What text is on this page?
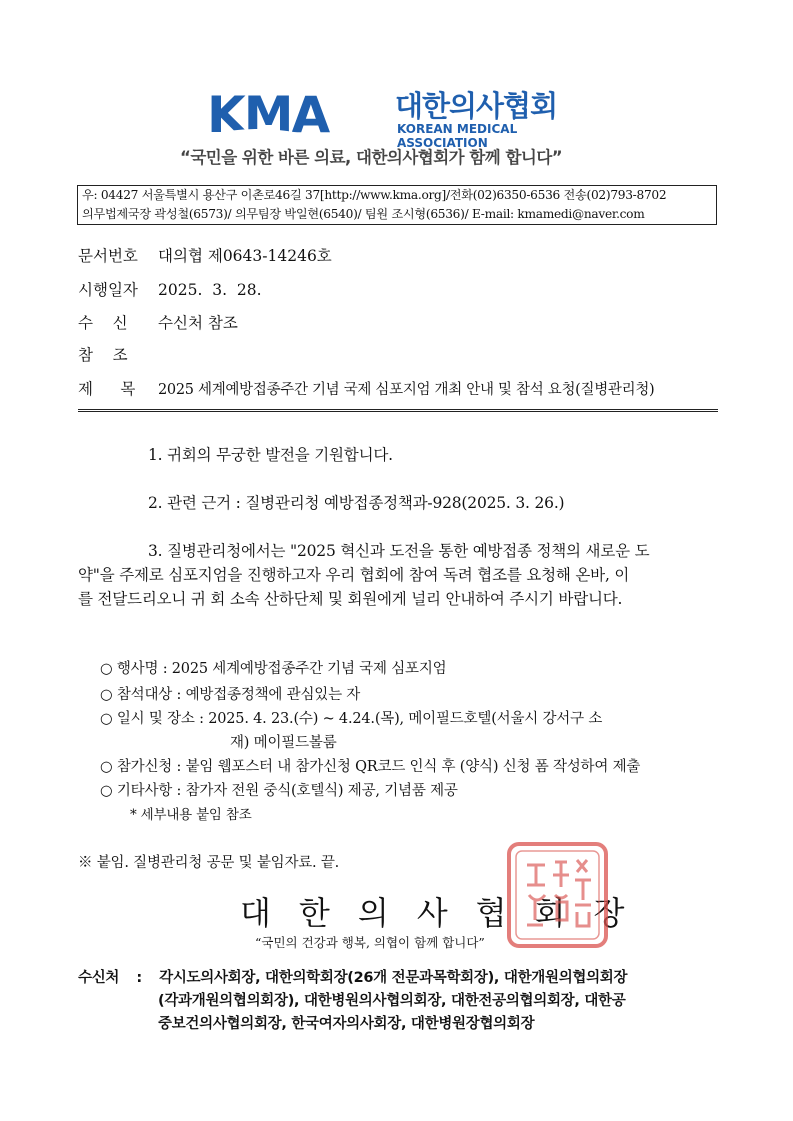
KMA 대한의사협회
KOREAN MEDICAL ASSOCIATION
“국민을 위한 바른 의료, 대한의사협회가 함께 합니다”
우: 04427 서울특별시 용산구 이촌로46길 37[http://www.kma.org]/전화(02)6350-6536 전송(02)793-8702
의무법제국장 곽성철(6573)/ 의무팀장 박일현(6540)/ 팀원 조시형(6536)/ E-mail: kmamedi@naver.com
문서번호 대의협 제0643-14246호
시행일자 2025.  3.  28.
수    신 수신처 참조
참    조
제      목 2025 세계예방접종주간 기념 국제 심포지엄 개최 안내 및 참석 요청(질병관리청)
1. 귀회의 무궁한 발전을 기원합니다.
2. 관련 근거 : 질병관리청 예방접종정책과-928(2025. 3. 26.)
3. 질병관리청에서는 "2025 혁신과 도전을 통한 예방접종 정책의 새로운 도
약"을 주제로 심포지엄을 진행하고자 우리 협회에 참여 독려 협조를 요청해 온바, 이
를 전달드리오니 귀 회 소속 산하단체 및 회원에게 널리 안내하여 주시기 바랍니다.
○ 행사명 : 2025 세계예방접종주간 기념 국제 심포지엄
○ 참석대상 : 예방접종정책에 관심있는 자
○ 일시 및 장소 : 2025. 4. 23.(수) ~ 4.24.(목), 메이필드호텔(서울시 강서구 소
재) 메이필드볼룸
○ 참가신청 : 붙임 웹포스터 내 참가신청 QR코드 인식 후 (양식) 신청 폼 작성하여 제출
○ 기타사항 : 참가자 전원 중식(호텔식) 제공, 기념품 제공
* 세부내용 붙임 참조
※ 붙임. 질병관리청 공문 및 붙임자료. 끝.
대한의사협회장
“국민의 건강과 행복, 의협이 함께 합니다”
수신처 : 각시도의사회장, 대한의학회장(26개 전문과목학회장), 대한개원의협의회장
(각과개원의협의회장), 대한병원의사협의회장, 대한전공의협의회장, 대한공
중보건의사협의회장, 한국여자의사회장, 대한병원장협의회장
